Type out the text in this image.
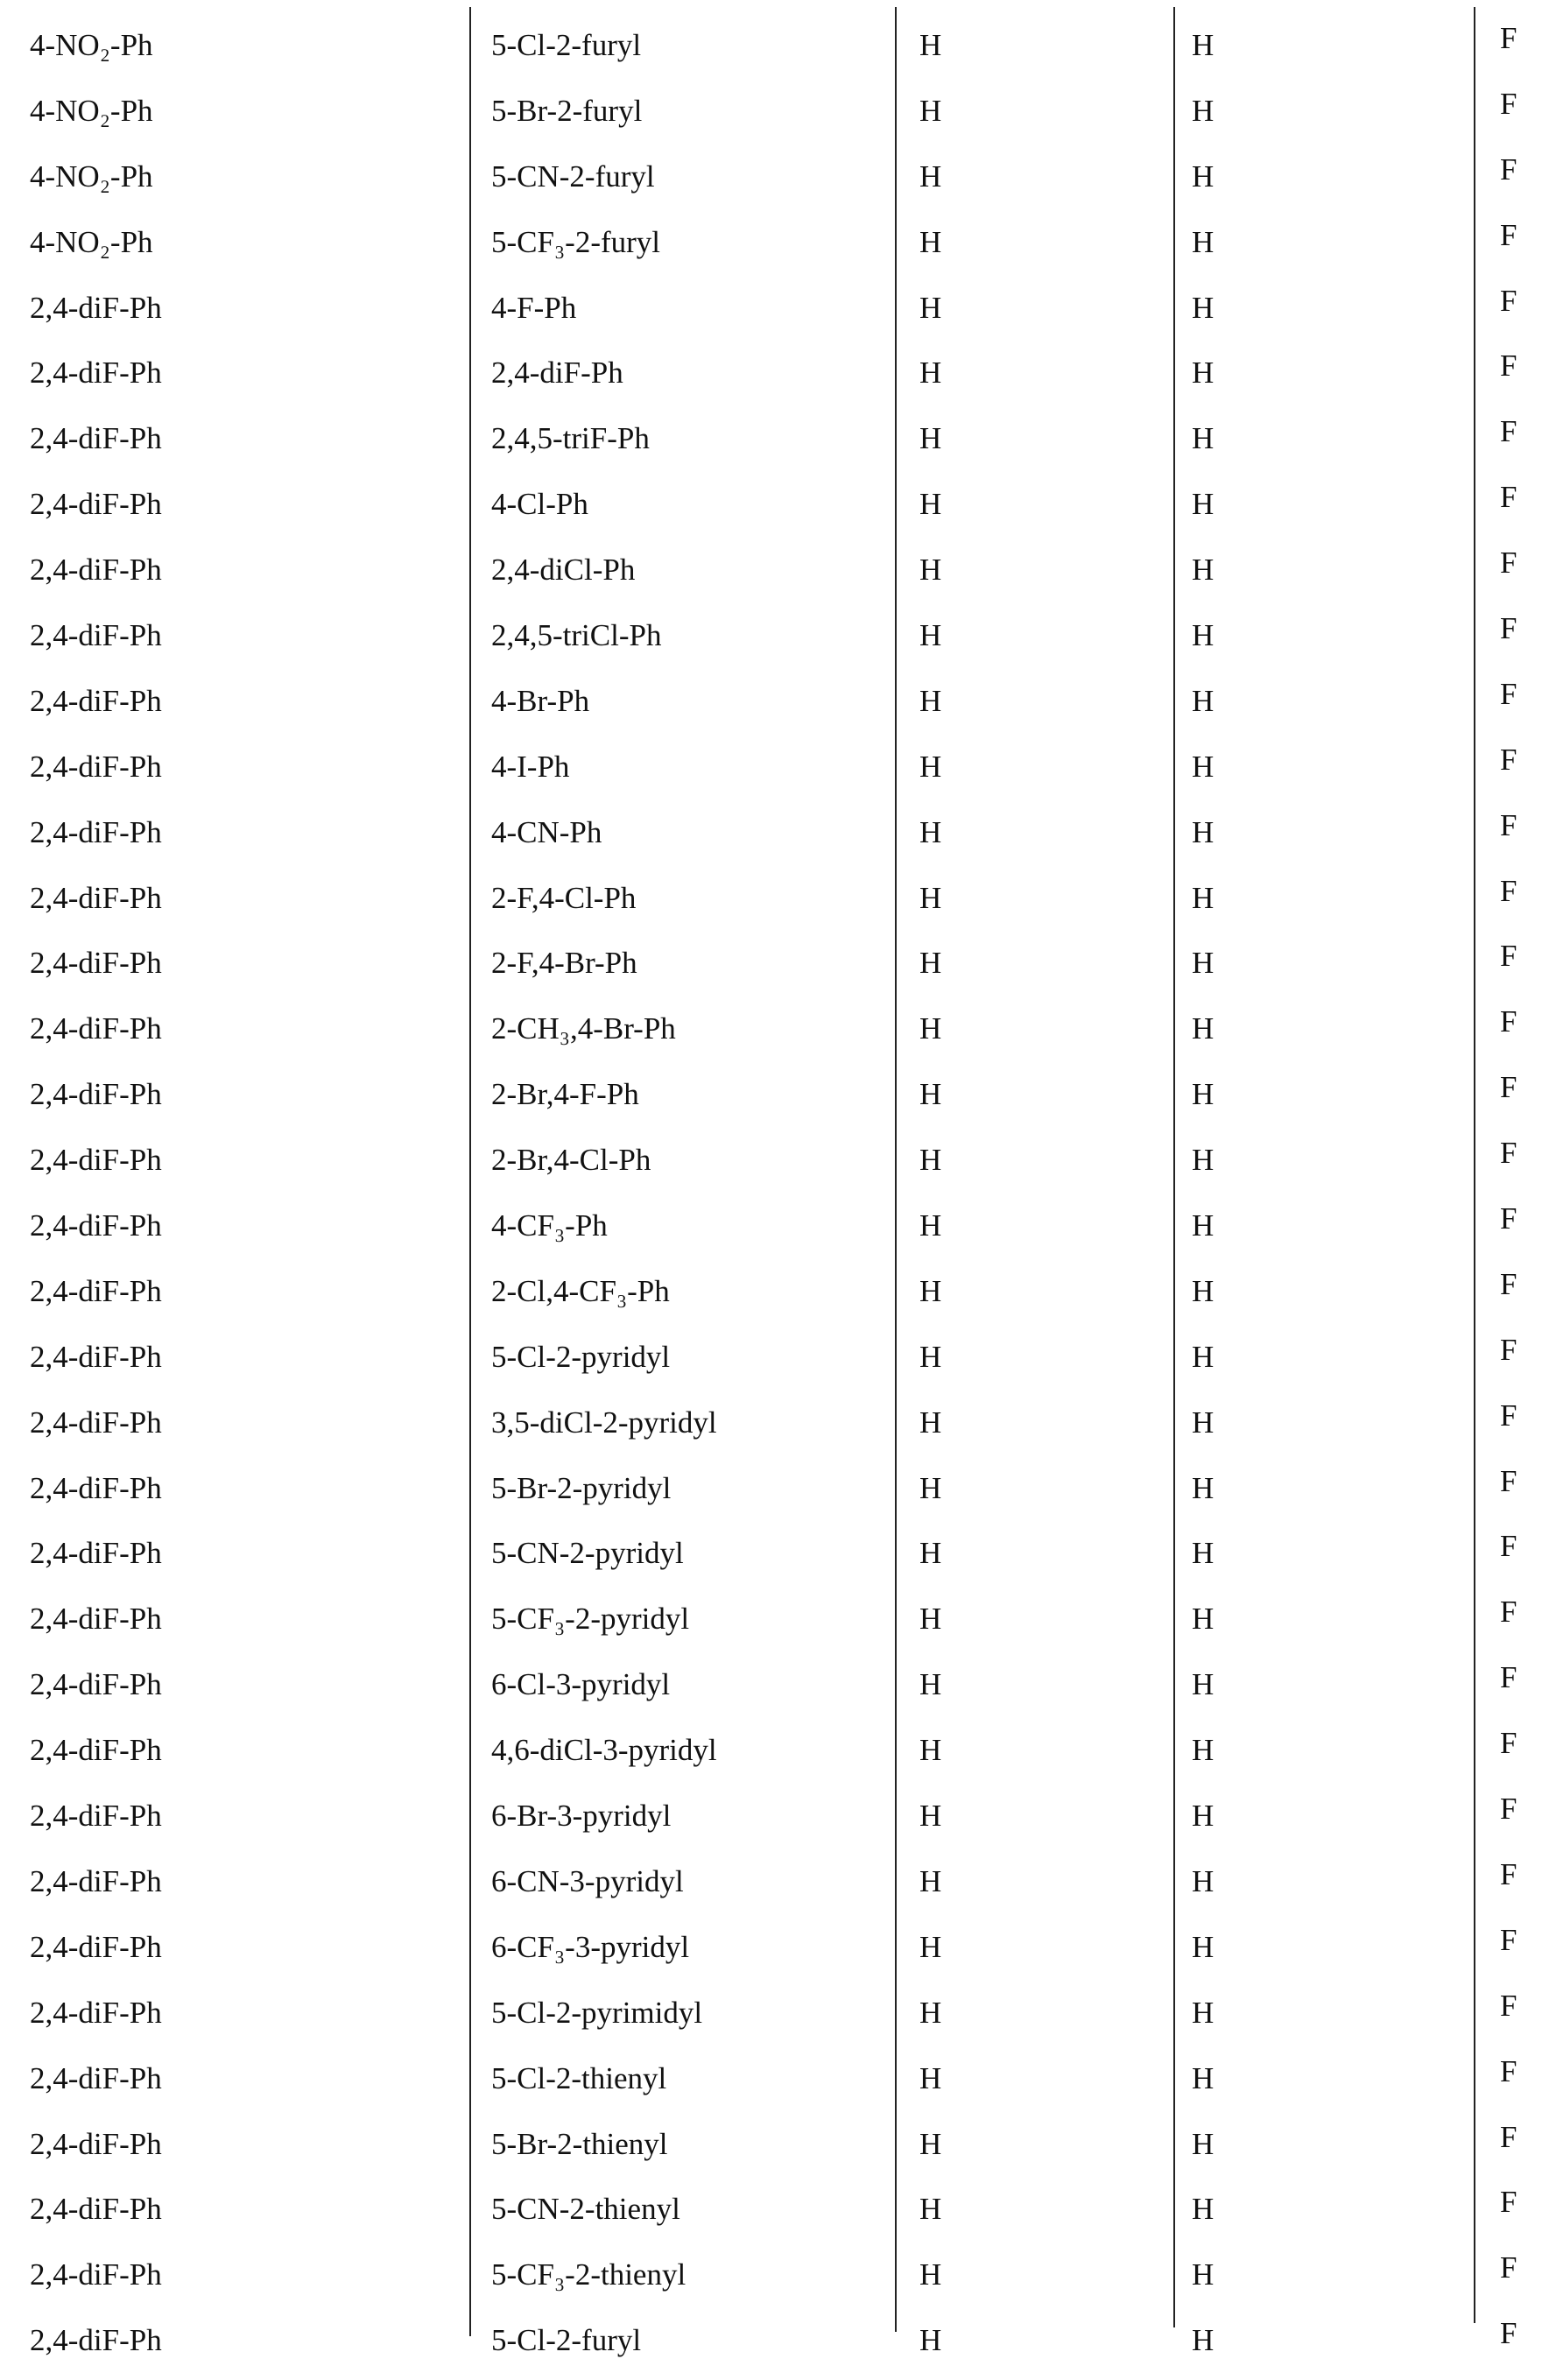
4-NO₂-Ph	5-Cl-2-furyl	H	H	F
4-NO₂-Ph	5-Br-2-furyl	H	H	F
4-NO₂-Ph	5-CN-2-furyl	H	H	F
4-NO₂-Ph	5-CF₃-2-furyl	H	H	F
2,4-diF-Ph	4-F-Ph	H	H	F
2,4-diF-Ph	2,4-diF-Ph	H	H	F
2,4-diF-Ph	2,4,5-triF-Ph	H	H	F
2,4-diF-Ph	4-Cl-Ph	H	H	F
2,4-diF-Ph	2,4-diCl-Ph	H	H	F
2,4-diF-Ph	2,4,5-triCl-Ph	H	H	F
2,4-diF-Ph	4-Br-Ph	H	H	F
2,4-diF-Ph	4-I-Ph	H	H	F
2,4-diF-Ph	4-CN-Ph	H	H	F
2,4-diF-Ph	2-F,4-Cl-Ph	H	H	F
2,4-diF-Ph	2-F,4-Br-Ph	H	H	F
2,4-diF-Ph	2-CH₃,4-Br-Ph	H	H	F
2,4-diF-Ph	2-Br,4-F-Ph	H	H	F
2,4-diF-Ph	2-Br,4-Cl-Ph	H	H	F
2,4-diF-Ph	4-CF₃-Ph	H	H	F
2,4-diF-Ph	2-Cl,4-CF₃-Ph	H	H	F
2,4-diF-Ph	5-Cl-2-pyridyl	H	H	F
2,4-diF-Ph	3,5-diCl-2-pyridyl	H	H	F
2,4-diF-Ph	5-Br-2-pyridyl	H	H	F
2,4-diF-Ph	5-CN-2-pyridyl	H	H	F
2,4-diF-Ph	5-CF₃-2-pyridyl	H	H	F
2,4-diF-Ph	6-Cl-3-pyridyl	H	H	F
2,4-diF-Ph	4,6-diCl-3-pyridyl	H	H	F
2,4-diF-Ph	6-Br-3-pyridyl	H	H	F
2,4-diF-Ph	6-CN-3-pyridyl	H	H	F
2,4-diF-Ph	6-CF₃-3-pyridyl	H	H	F
2,4-diF-Ph	5-Cl-2-pyrimidyl	H	H	F
2,4-diF-Ph	5-Cl-2-thienyl	H	H	F
2,4-diF-Ph	5-Br-2-thienyl	H	H	F
2,4-diF-Ph	5-CN-2-thienyl	H	H	F
2,4-diF-Ph	5-CF₃-2-thienyl	H	H	F
2,4-diF-Ph	5-Cl-2-furyl	H	H	F
